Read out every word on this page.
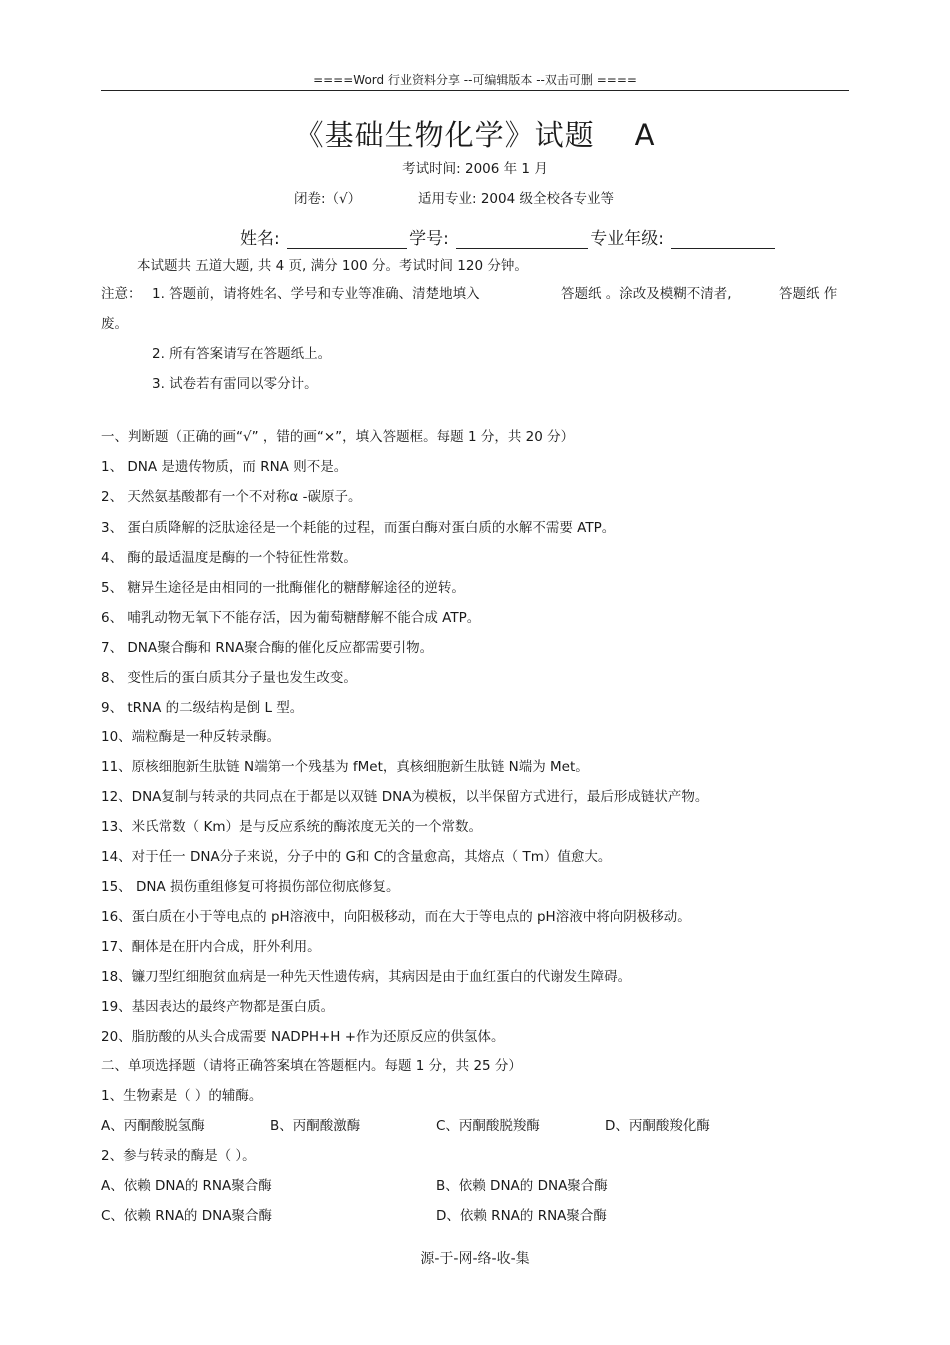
====Word 行业资料分享 --可编辑版本 --双击可删 ====
《基础生物化学》试题 A
考试时间: 2006 年 1 月
闭卷:（√）	适用专业: 2004 级全校各专业等
姓名:	学号:	专业年级:
本试题共 五道大题, 共 4 页, 满分 100 分。考试时间 120 分钟。
注意： 1. 答题前，请将姓名、学号和专业等准确、清楚地填入	答题纸 。涂改及模糊不清者,	答题纸 作
废。
2. 所有答案请写在答题纸上。
3. 试卷若有雷同以零分计。
一、判断题（正确的画“√” ，错的画“×”，填入答题框。每题 1 分，共 20 分）
1、 DNA 是遗传物质，而 RNA 则不是。
2、 天然氨基酸都有一个不对称α -碳原子。
3、 蛋白质降解的泛肽途径是一个耗能的过程，而蛋白酶对蛋白质的水解不需要 ATP。
4、 酶的最适温度是酶的一个特征性常数。
5、 糖异生途径是由相同的一批酶催化的糖酵解途径的逆转。
6、 哺乳动物无氧下不能存活，因为葡萄糖酵解不能合成 ATP。
7、 DNA聚合酶和 RNA聚合酶的催化反应都需要引物。
8、 变性后的蛋白质其分子量也发生改变。
9、 tRNA 的二级结构是倒 L 型。
10、端粒酶是一种反转录酶。
11、原核细胞新生肽链 N端第一个残基为 fMet，真核细胞新生肽链 N端为 Met。
12、DNA复制与转录的共同点在于都是以双链 DNA为模板，以半保留方式进行，最后形成链状产物。
13、米氏常数（ Km）是与反应系统的酶浓度无关的一个常数。
14、对于任一 DNA分子来说，分子中的 G和 C的含量愈高，其熔点（ Tm）值愈大。
15、 DNA 损伤重组修复可将损伤部位彻底修复。
16、蛋白质在小于等电点的 pH溶液中，向阳极移动，而在大于等电点的 pH溶液中将向阴极移动。
17、酮体是在肝内合成，肝外利用。
18、镰刀型红细胞贫血病是一种先天性遗传病，其病因是由于血红蛋白的代谢发生障碍。
19、基因表达的最终产物都是蛋白质。
20、脂肪酸的从头合成需要 NADPH+H +作为还原反应的供氢体。
二、单项选择题（请将正确答案填在答题框内。每题 1 分，共 25 分）
1、生物素是（ ）的辅酶。
A、丙酮酸脱氢酶	B、丙酮酸激酶	C、丙酮酸脱羧酶	D、丙酮酸羧化酶
2、参与转录的酶是（ ）。
A、依赖 DNA的 RNA聚合酶	B、依赖 DNA的 DNA聚合酶
C、依赖 RNA的 DNA聚合酶	D、依赖 RNA的 RNA聚合酶
源-于-网-络-收-集
